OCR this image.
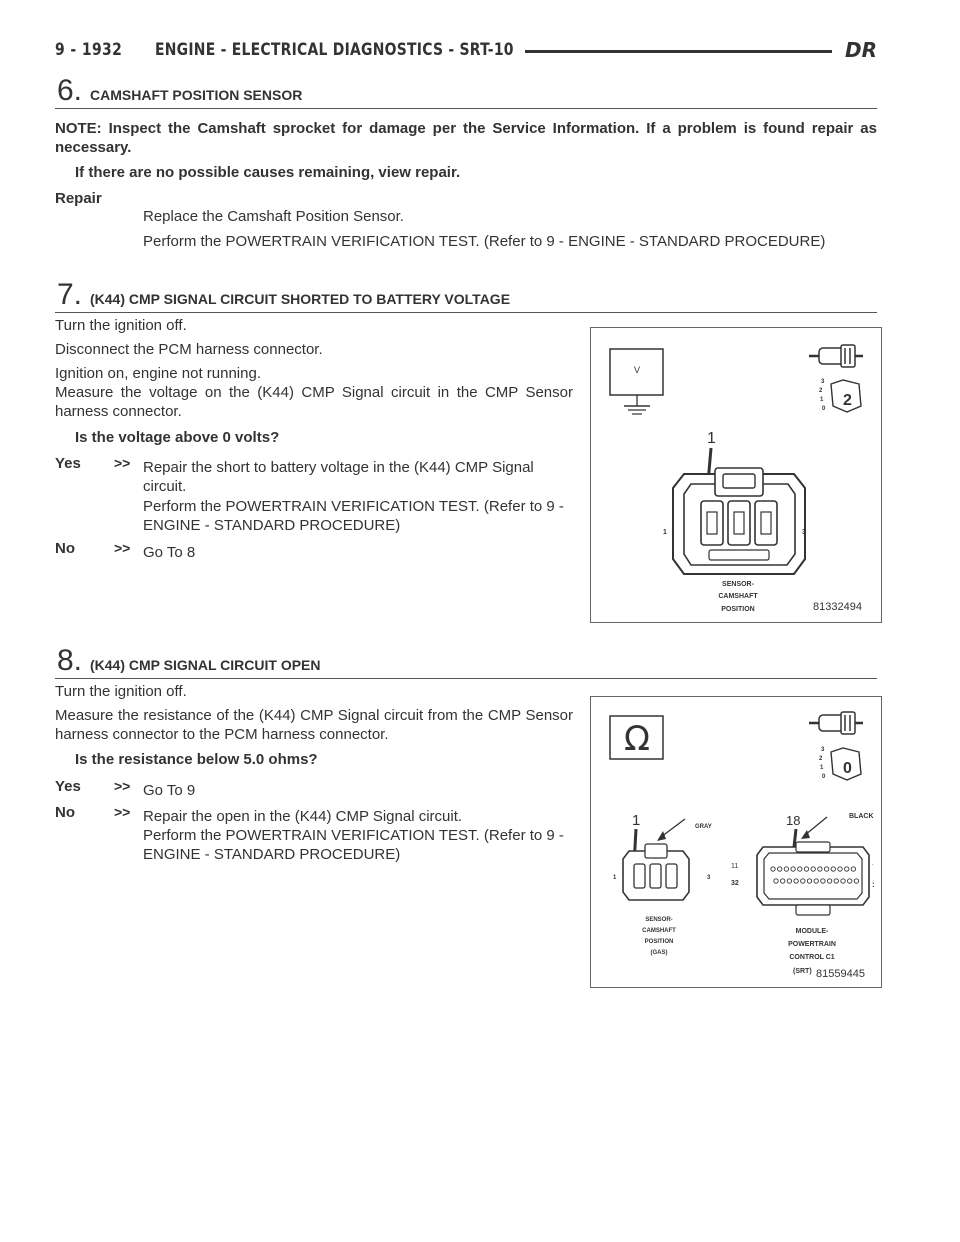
9 - 1932 ENGINE - ELECTRICAL DIAGNOSTICS - SRT-10	DR
6. CAMSHAFT POSITION SENSOR
NOTE: Inspect the Camshaft sprocket for damage per the Service Information. If a problem is found repair as necessary.
If there are no possible causes remaining, view repair.
Repair
Replace the Camshaft Position Sensor.
Perform the POWERTRAIN VERIFICATION TEST. (Refer to 9 - ENGINE - STANDARD PROCEDURE)
7. (K44) CMP SIGNAL CIRCUIT SHORTED TO BATTERY VOLTAGE
Turn the ignition off.
Disconnect the PCM harness connector.
Ignition on, engine not running.
Measure the voltage on the (K44) CMP Signal circuit in the CMP Sensor harness connector.
Is the voltage above 0 volts?
Yes >> Repair the short to battery voltage in the (K44) CMP Signal circuit.
Perform the POWERTRAIN VERIFICATION TEST. (Refer to 9 - ENGINE - STANDARD PROCEDURE)
No	>> Go To 8
V
3
2
1
0 2
1
1	3
SENSOR-
CAMSHAFT
POSITION	81332494
8. (K44) CMP SIGNAL CIRCUIT OPEN
Turn the ignition off.
Measure the resistance of the (K44) CMP Signal circuit from the CMP Sensor harness connector to the PCM harness connector.
Is the resistance below 5.0 ohms?
Yes >> Go To 9
No	>> Repair the open in the (K44) CMP Signal circuit.
Perform the POWERTRAIN VERIFICATION TEST. (Refer to 9 - ENGINE - STANDARD PROCEDURE)
Ω	3
2
1
0 0
1	GRAY
1	3
SENSOR-
CAMSHAFT
POSITION
(GAS)
18	BLACK
11
32
.
:
MODULE-
POWERTRAIN
CONTROL C1
(SRT) 81559445
